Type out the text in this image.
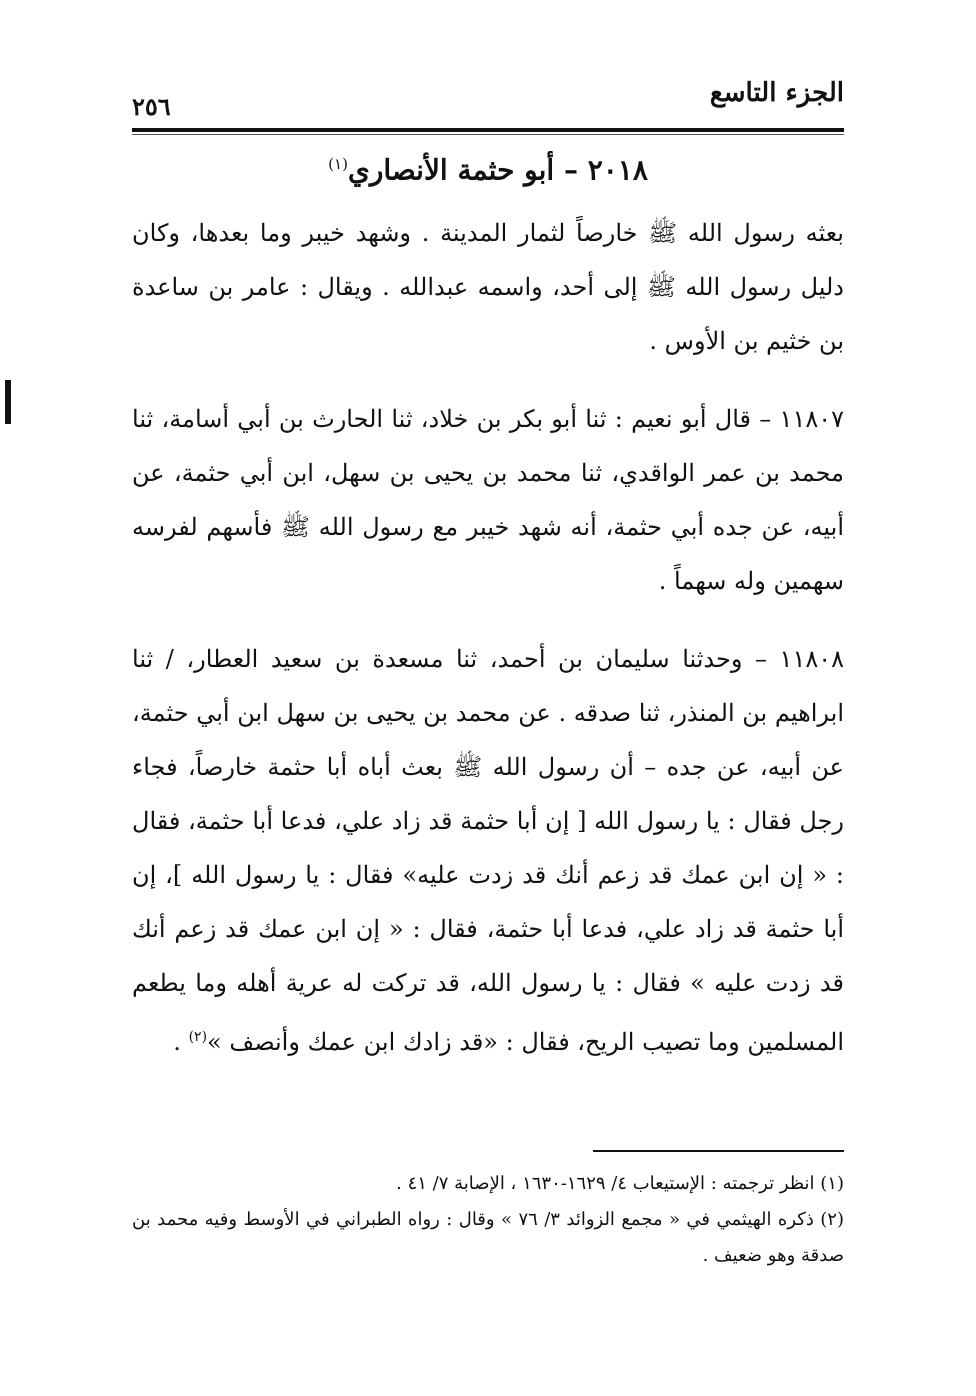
الجزء التاسع
٢٥٦
٢٠١٨ – أبو حثمة الأنصاري$^{(١)}$

بعثه رسول الله ﷺ خارصاً لثمار المدينة . وشهد خيبر وما بعدها، وكان دليل رسول الله ﷺ إلى أحد، واسمه عبدالله . ويقال : عامر بن ساعدة بن خثيم بن الأوس .

١١٨٠٧ – قال أبو نعيم : ثنا أبو بكر بن خلاد، ثنا الحارث بن أبي أسامة، ثنا محمد بن عمر الواقدي، ثنا محمد بن يحيى بن سهل، ابن أبي حثمة، عن أبيه، عن جده أبي حثمة، أنه شهد خيبر مع رسول الله ﷺ فأسهم لفرسه سهمين وله سهماً .

١١٨٠٨ – وحدثنا سليمان بن أحمد، ثنا مسعدة بن سعيد العطار، / ثنا ابراهيم بن المنذر، ثنا صدقه . عن محمد بن يحيى بن سهل ابن أبي حثمة، عن أبيه، عن جده – أن رسول الله ﷺ بعث أباه أبا حثمة خارصاً، فجاء رجل فقال : يا رسول الله [ إن أبا حثمة قد زاد علي، فدعا أبا حثمة، فقال : « إن ابن عمك قد زعم أنك قد زدت عليه» فقال : يا رسول الله ]، إن أبا حثمة قد زاد علي، فدعا أبا حثمة، فقال : « إن ابن عمك قد زعم أنك قد زدت عليه » فقال : يا رسول الله، قد تركت له عرية أهله وما يطعم المسلمين وما تصيب الريح، فقال : «قد زادك ابن عمك وأنصف »$^{(٢)}$ .

(١) انظر ترجمته : الإستيعاب ٤/ ١٦٢٩-١٦٣٠ ، الإصابة ٧/ ٤١ .

(٢) ذكره الهيثمي في « مجمع الزوائد ٣/ ٧٦ » وقال : رواه الطبراني في الأوسط وفيه محمد بن صدقة وهو ضعيف .
